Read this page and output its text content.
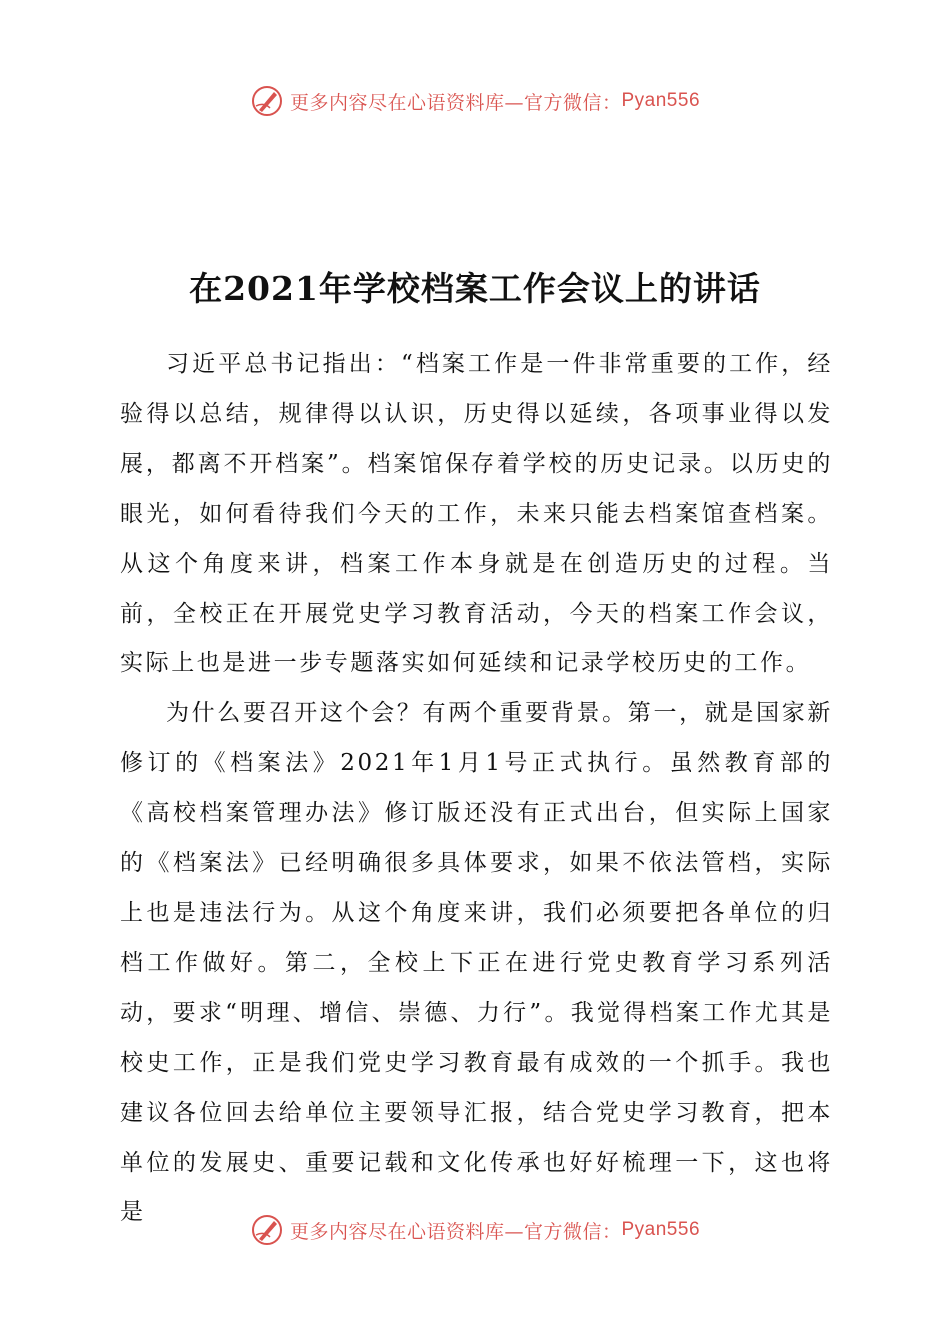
更多内容尽在心语资料库—官方微信： Pyan556
在2021年学校档案工作会议上的讲话

习近平总书记指出：“档案工作是一件非常重要的工作，经验得以总结，规律得以认识，历史得以延续，各项事业得以发展，都离不开档案”。档案馆保存着学校的历史记录。以历史的眼光，如何看待我们今天的工作，未来只能去档案馆查档案。从这个角度来讲，档案工作本身就是在创造历史的过程。当前，全校正在开展党史学习教育活动，今天的档案工作会议，实际上也是进一步专题落实如何延续和记录学校历史的工作。

为什么要召开这个会？有两个重要背景。第一，就是国家新修订的《档案法》2021年1月1号正式执行。虽然教育部的《高校档案管理办法》修订版还没有正式出台，但实际上国家的《档案法》已经明确很多具体要求，如果不依法管档，实际上也是违法行为。从这个角度来讲，我们必须要把各单位的归档工作做好。第二，全校上下正在进行党史教育学习系列活动，要求“明理、增信、崇德、力行”。我觉得档案工作尤其是校史工作，正是我们党史学习教育最有成效的一个抓手。我也建议各位回去给单位主要领导汇报，结合党史学习教育，把本单位的发展史、重要记载和文化传承也好好梳理一下，这也将是

更多内容尽在心语资料库—官方微信： Pyan556
